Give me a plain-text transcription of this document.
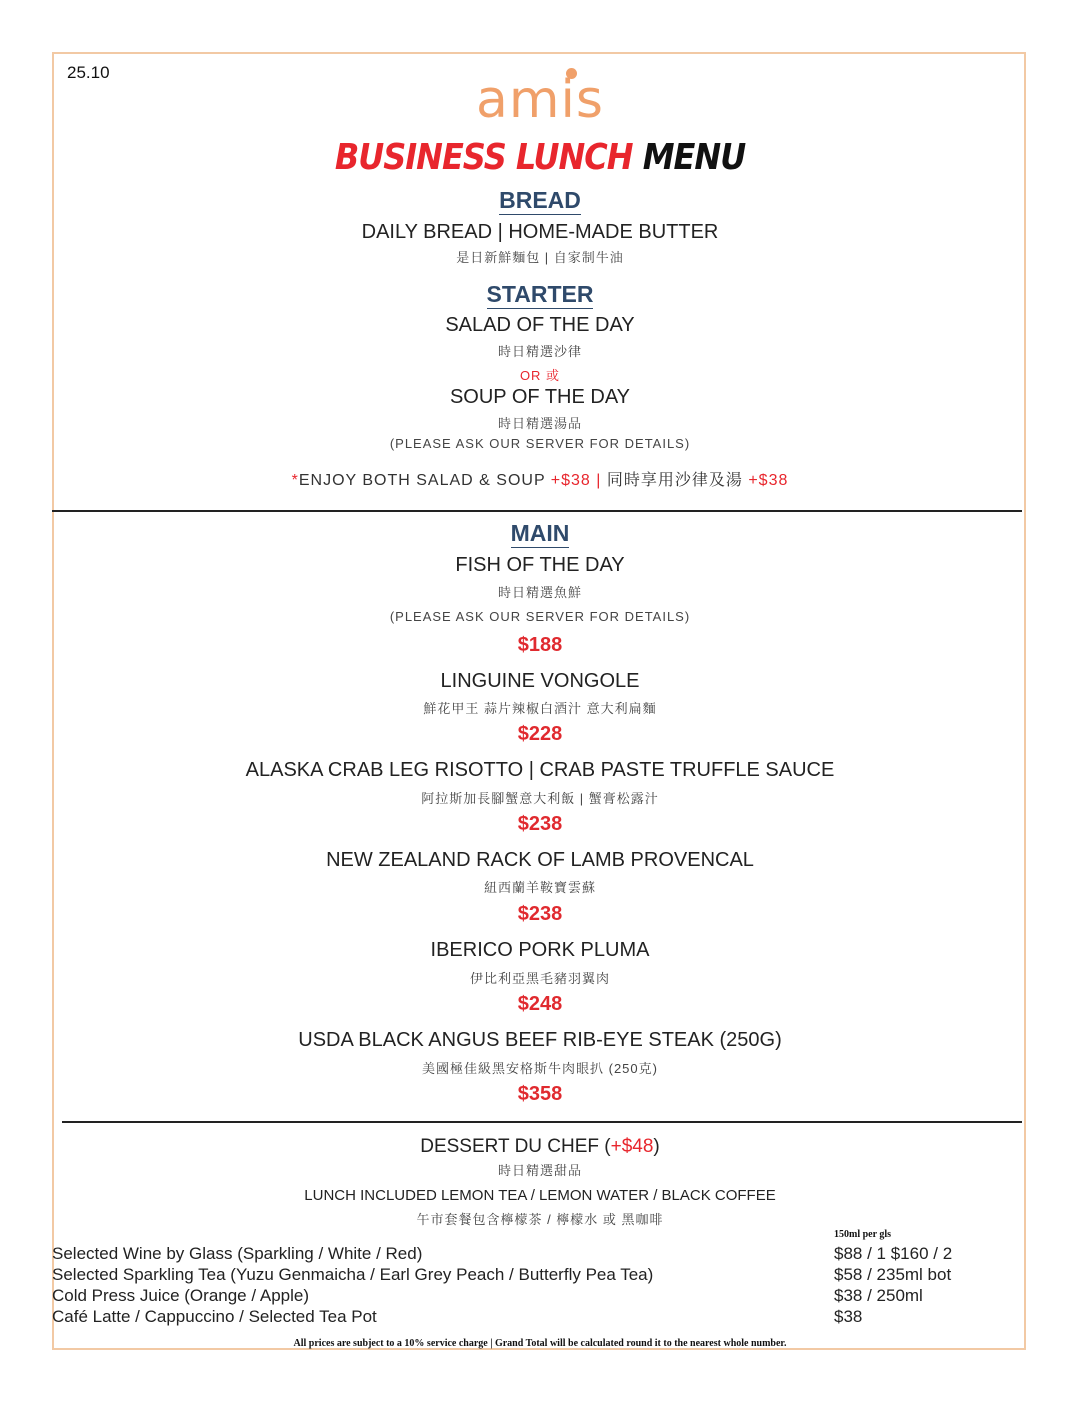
25.10	amis
BUSINESS LUNCH MENU
BREAD
DAILY BREAD | HOME-MADE BUTTER
是日新鮮麵包 | 自家制牛油
STARTER
SALAD OF THE DAY
時日精選沙律
OR 或
SOUP OF THE DAY
時日精選湯品
(PLEASE ASK OUR SERVER FOR DETAILS)
*ENJOY BOTH SALAD & SOUP +$38 | 同時享用沙律及湯 +$38
MAIN
FISH OF THE DAY
時日精選魚鮮
(PLEASE ASK OUR SERVER FOR DETAILS)
$188
LINGUINE VONGOLE
鮮花甲王 蒜片辣椒白酒汁 意大利扁麵
$228
ALASKA CRAB LEG RISOTTO | CRAB PASTE TRUFFLE SAUCE
阿拉斯加長腳蟹意大利飯 | 蟹膏松露汁
$238
NEW ZEALAND RACK OF LAMB PROVENCAL
紐西蘭羊鞍寶雲蘇
$238
IBERICO PORK PLUMA
伊比利亞黑毛豬羽翼肉
$248
USDA BLACK ANGUS BEEF RIB-EYE STEAK (250G)
美國極佳級黑安格斯牛肉眼扒 (250克)
$358
DESSERT DU CHEF (+$48)
時日精選甜品
LUNCH INCLUDED LEMON TEA / LEMON WATER / BLACK COFFEE
午市套餐包含檸檬茶 / 檸檬水 或 黑咖啡
150ml per gls
Selected Wine by Glass (Sparkling / White / Red)	$88 / 1 $160 / 2
Selected Sparkling Tea (Yuzu Genmaicha / Earl Grey Peach / Butterfly Pea Tea)	$58 / 235ml bot
Cold Press Juice (Orange / Apple)	$38 / 250ml
Café Latte / Cappuccino / Selected Tea Pot	$38
All prices are subject to a 10% service charge | Grand Total will be calculated round it to the nearest whole number.
